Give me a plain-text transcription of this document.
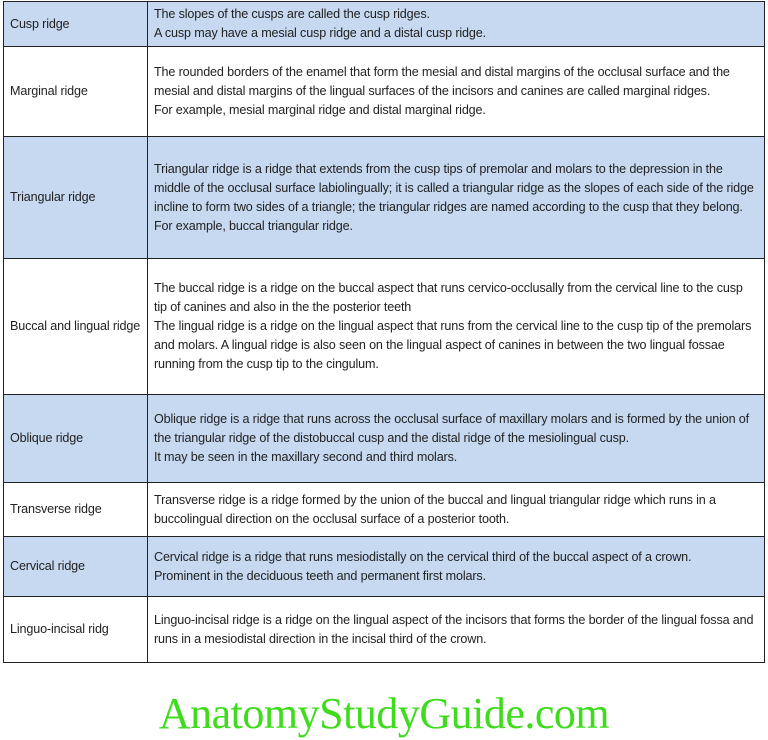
Cusp ridge	The slopes of the cusps are called the cusp ridges.
A cusp may have a mesial cusp ridge and a distal cusp ridge.

Marginal ridge	The rounded borders of the enamel that form the mesial and distal margins of the occlusal surface and the mesial and distal margins of the lingual surfaces of the incisors and canines are called marginal ridges.
For example, mesial marginal ridge and distal marginal ridge.

Triangular ridge	Triangular ridge is a ridge that extends from the cusp tips of premolar and molars to the depression in the middle of the occlusal surface labiolingually; it is called a triangular ridge as the slopes of each side of the ridge incline to form two sides of a triangle; the triangular ridges are named according to the cusp that they belong.
For example, buccal triangular ridge.

Buccal and lingual ridge	The buccal ridge is a ridge on the buccal aspect that runs cervico-occlusally from the cervical line to the cusp tip of canines and also in the the posterior teeth
The lingual ridge is a ridge on the lingual aspect that runs from the cervical line to the cusp tip of the premolars and molars. A lingual ridge is also seen on the lingual aspect of canines in between the two lingual fossae running from the cusp tip to the cingulum.

Oblique ridge	Oblique ridge is a ridge that runs across the occlusal surface of maxillary molars and is formed by the union of the triangular ridge of the distobuccal cusp and the distal ridge of the mesiolingual cusp.
It may be seen in the maxillary second and third molars.

Transverse ridge	Transverse ridge is a ridge formed by the union of the buccal and lingual triangular ridge which runs in a buccolingual direction on the occlusal surface of a posterior tooth.

Cervical ridge	Cervical ridge is a ridge that runs mesiodistally on the cervical third of the buccal aspect of a crown.
Prominent in the deciduous teeth and permanent first molars.

Linguo-incisal ridg	Linguo-incisal ridge is a ridge on the lingual aspect of the incisors that forms the border of the lingual fossa and runs in a mesiodistal direction in the incisal third of the crown.
AnatomyStudyGuide.com
